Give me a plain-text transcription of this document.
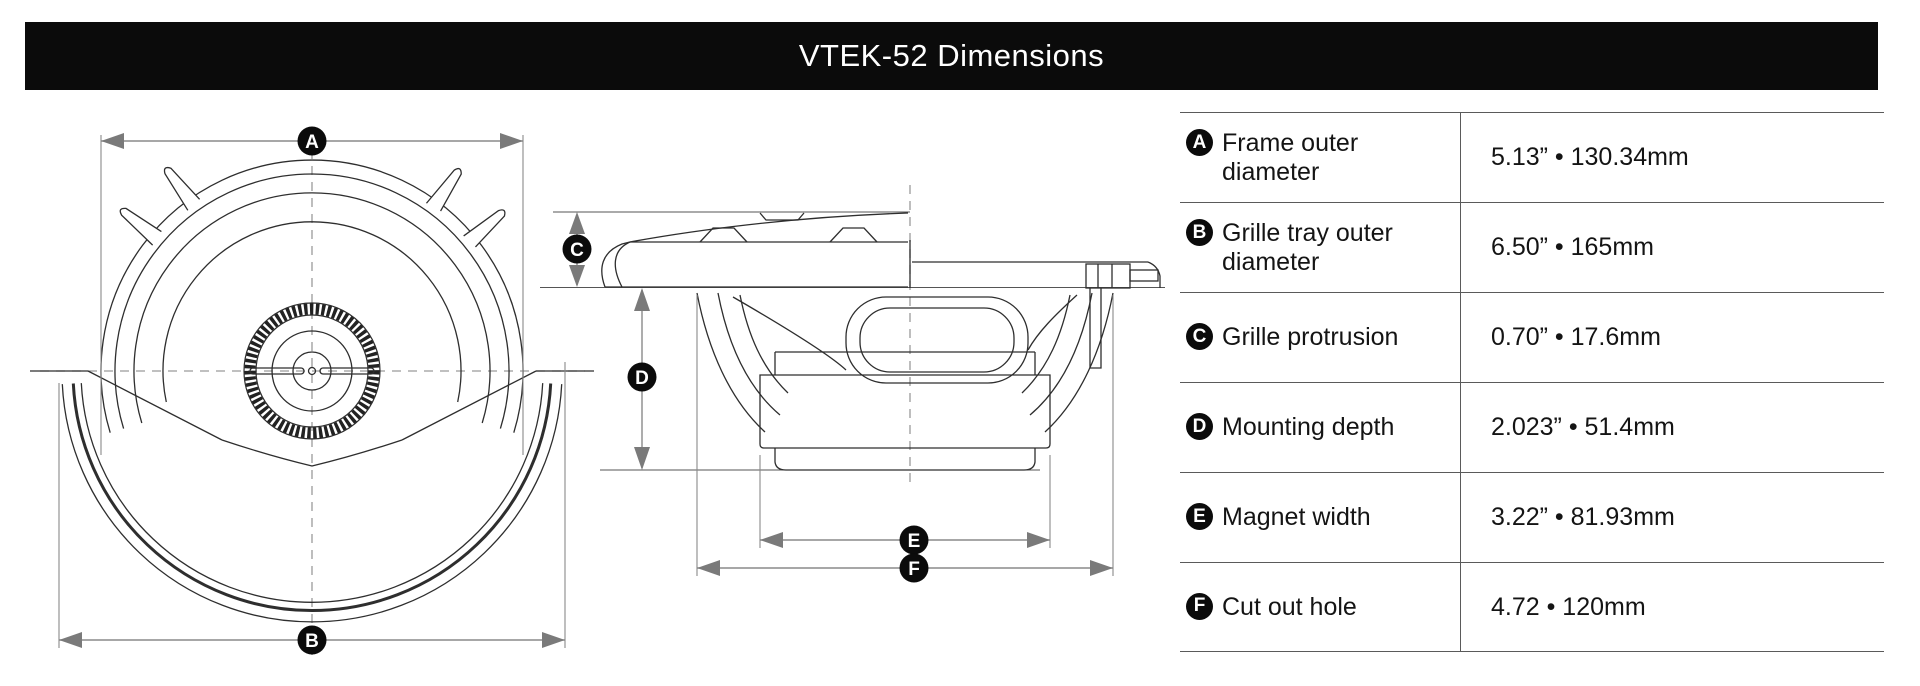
VTEK-52 Dimensions
A
B
C
D
E
F
A Frame outer diameter
5.13” • 130.34mm
B Grille tray outer diameter
6.50” • 165mm
C Grille protrusion	0.70” • 17.6mm
D Mounting depth	2.023” • 51.4mm
E Magnet width	3.22” • 81.93mm
F Cut out hole	4.72 • 120mm
